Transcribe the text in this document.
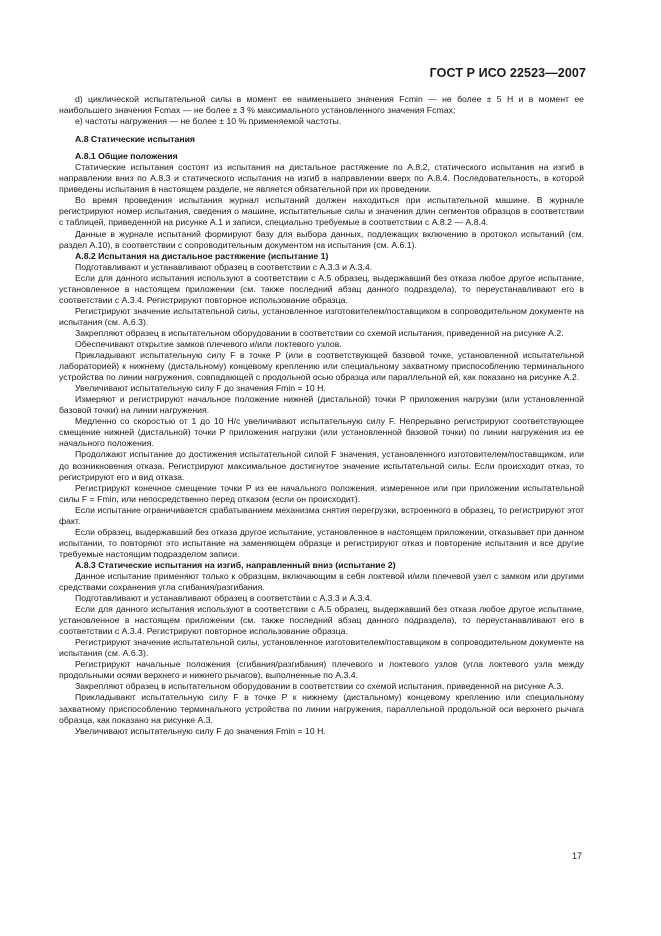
ГОСТ Р ИСО 22523—2007

d) циклической испытательной силы в момент ее наименьшего значения Fcmin — не более ± 5 Н и в момент ее наибольшего значения Fcmax — не более ± 3 % максимального установленного значения Fcmax;

e) частоты нагружения — не более ± 10 % применяемой частоты.

А.8 Статические испытания
А.8.1 Общие положения

Статические испытания состоят из испытания на дистальное растяжение по А.8.2, статического испытания на изгиб в направлении вниз по А.8.3 и статического испытания на изгиб в направлении вверх по А.8.4. Последовательность, в которой приведены испытания в настоящем разделе, не является обязательной при их проведении.

Во время проведения испытания журнал испытаний должен находиться при испытательной машине. В журнале регистрируют номер испытания, сведения о машине, испытательные силы и значения длин сегментов образцов в соответствии с таблицей, приведенной на рисунке А.1 и записи, специально требуемые в соответствии с А.8.2 — А.8.4.

Данные в журнале испытаний формируют базу для выбора данных, подлежащих включению в протокол испытаний (см. раздел А.10), в соответствии с сопроводительным документом на испытания (см. А.6.1).

А.8.2 Испытания на дистальное растяжение (испытание 1)

Подготавливают и устанавливают образец в соответствии с А.3.3 и А.3.4.

Если для данного испытания используют в соответствии с А.5 образец, выдержавший без отказа любое другое испытание, установленное в настоящем приложении (см. также последний абзац данного подраздела), то переустанавливают его в соответствии с А.3.4. Регистрируют повторное использование образца.

Регистрируют значение испытательной силы, установленное изготовителем/поставщиком в сопроводительном документе на испытания (см. А.6.3).

Закрепляют образец в испытательном оборудовании в соответствии со схемой испытания, приведенной на рисунке А.2.

Обеспечивают открытие замков плечевого и/или локтевого узлов.

Прикладывают испытательную силу F в точке P (или в соответствующей базовой точке, установленной испытательной лабораторией) к нижнему (дистальному) концевому креплению или специальному захватному приспособлению терминального устройства по линии нагружения, совпадающей с продольной осью образца или параллельной ей, как показано на рисунке А.2.

Увеличивают испытательную силу F до значения Fmin = 10 Н.

Измеряют и регистрируют начальное положение нижней (дистальной) точки P приложения нагрузки (или установленной базовой точки) на линии нагружения.

Медленно со скоростью от 1 до 10 Н/с увеличивают испытательную силу F. Непрерывно регистрируют соответствующее смещение нижней (дистальной) точки P приложения нагрузки (или установленной базовой точки) по линии нагружения из ее начального положения.

Продолжают испытание до достижения испытательной силой F значения, установленного изготовителем/поставщиком, или до возникновения отказа. Регистрируют максимальное достигнутое значение испытательной силы. Если происходит отказ, то регистрируют его и вид отказа.

Регистрируют конечное смещение точки P из ее начального положения, измеренное или при приложении испытательной силы F = Fmin, или непосредственно перед отказом (если он происходит).

Если испытание ограничивается срабатыванием механизма снятия перегрузки, встроенного в образец, то регистрируют этот факт.

Если образец, выдержавший без отказа другое испытание, установленное в настоящем приложении, отказывает при данном испытании, то повторяют это испытание на заменяющем образце и регистрируют отказ и повторение испытания и все другие требуемые настоящим подразделом записи.

А.8.3 Статические испытания на изгиб, направленный вниз (испытание 2)

Данное испытание применяют только к образцам, включающим в себя локтевой и/или плечевой узел с замком или другими средствами сохранения угла сгибания/разгибания.

Подготавливают и устанавливают образец в соответствии с А.3.3 и А.3.4.

Если для данного испытания используют в соответствии с А.5 образец, выдержавший без отказа любое другое испытание, установленное в настоящем приложении (см. также последний абзац данного подраздела), то переустанавливают его в соответствии с А.3.4. Регистрируют повторное использование образца.

Регистрируют значение испытательной силы, установленное изготовителем/поставщиком в сопроводительном документе на испытания (см. А.6.3).

Регистрируют начальные положения (сгибания/разгибания) плечевого и локтевого узлов (угла локтевого узла между продольными осями верхнего и нижнего рычагов), выполненные по А.3.4.

Закрепляют образец в испытательном оборудовании в соответствии со схемой испытания, приведенной на рисунке А.3.

Прикладывают испытательную силу F в точке P к нижнему (дистальному) концевому креплению или специальному захватному приспособлению терминального устройства по линии нагружения, параллельной продольной оси верхнего рычага образца, как показано на рисунке А.3.

Увеличивают испытательную силу F до значения Fmin = 10 Н.

17
